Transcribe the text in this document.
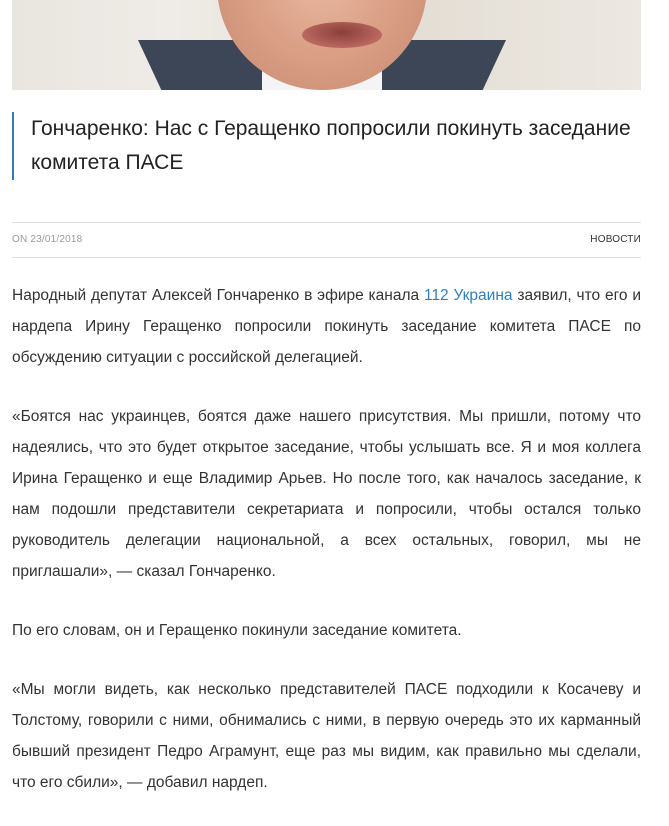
Гончаренко: Нас с Геращенко попросили покинуть заседание комитета ПАСЕ
ON 23/01/2018	НОВОСТИ

Народный депутат Алексей Гончаренко в эфире канала 112 Украина заявил, что его и нардепа Ирину Геращенко попросили покинуть заседание комитета ПАСЕ по обсуждению ситуации с российской делегацией.

«Боятся нас украинцев, боятся даже нашего присутствия. Мы пришли, потому что надеялись, что это будет открытое заседание, чтобы услышать все. Я и моя коллега Ирина Геращенко и еще Владимир Арьев. Но после того, как началось заседание, к нам подошли представители секретариата и попросили, чтобы остался только руководитель делегации национальной, а всех остальных, говорил, мы не приглашали», — сказал Гончаренко.

По его словам, он и Геращенко покинули заседание комитета.

«Мы могли видеть, как несколько представителей ПАСЕ подходили к Косачеву и Толстому, говорили с ними, обнимались с ними, в первую очередь это их карманный бывший президент Педро Аграмунт, еще раз мы видим, как правильно мы сделали, что его сбили», — добавил нардеп.
